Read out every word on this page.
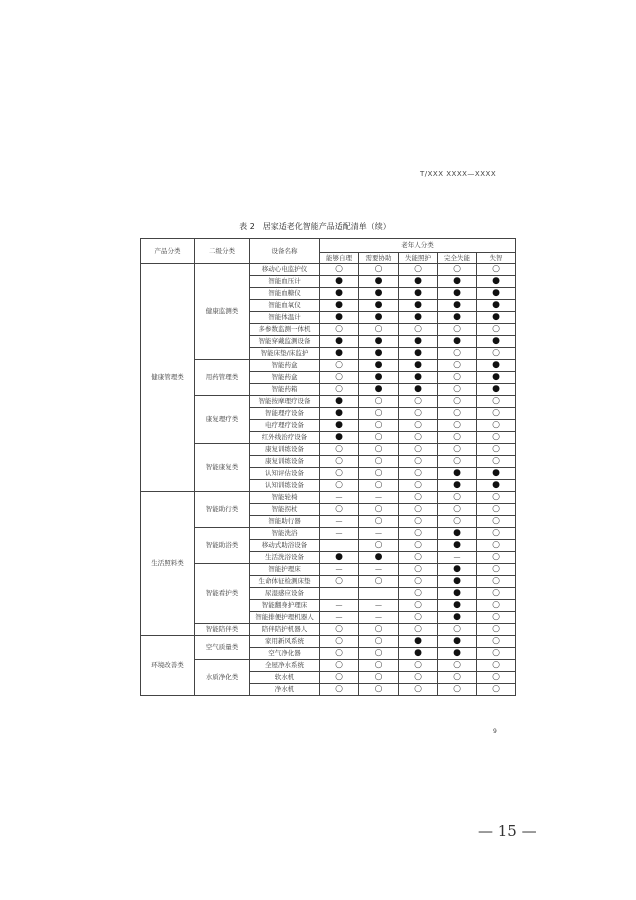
T/XXX XXXX—XXXX
表 2　居家适老化智能产品适配清单（续）
产品分类	二级分类	设备名称	老年人分类				
			能够自理	需要协助	失能照护	完全失能	失智
健康管理类	健康监测类	移动心电监护仪	○	○	○	○	○
		智能血压计	●	●	●	●	●
		智能血糖仪	●	●	●	●	●
		智能血氧仪	●	●	●	●	●
		智能体温计	●	●	●	●	●
		多参数监测一体机	○	○	○	○	○
		智能穿戴监测设备	●	●	●	●	●
		智能床垫/床监护	●	●	●	○	○
	用药管理类	智能药盒	○	●	●	○	●
		智能药盒	○	●	●	○	●
		智能药箱	○	●	●	○	●
	康复理疗类	智能按摩理疗设备	●	○	○	○	○
		智能理疗设备	●	○	○	○	○
		电疗理疗设备	●	○	○	○	○
		红外线治疗设备	●	○	○	○	○
	智能康复类	康复训练设备	○	○	○	○	○
		康复训练设备	○	○	○	○	○
		认知评估设备	○	○	○	●	●
		认知训练设备	○	○	○	●	●
生活照料类	智能助行类	智能轮椅	—	—	○	○	○
		智能拐杖	○	○	○	○	○
		智能助行器	—	○	○	○	○
	智能助浴类	智能洗浴	—	—	○	●	○
		移动式助浴设备		○	○	●	○
		生活洗浴设备	●	●	○	—	○
	智能看护类	智能护理床	—	—	○	●	○
		生命体征检测床垫	○	○	○	●	○
		尿湿感应设备			○	●	○
		智能翻身护理床	—	—	○	●	○
		智能排便护理机器人	—	—	○	●	○
	智能陪伴类	陪伴陪护机器人	○	○	○	○	○
环境改善类	空气质量类	家用新风系统	○	○	●	●	○
		空气净化器	○	○	●	●	○
	水质净化类	全屋净水系统	○	○	○	○	○
		软水机	○	○	○	○	○
		净水机	○	○	○	○	○
9
— 15 —
